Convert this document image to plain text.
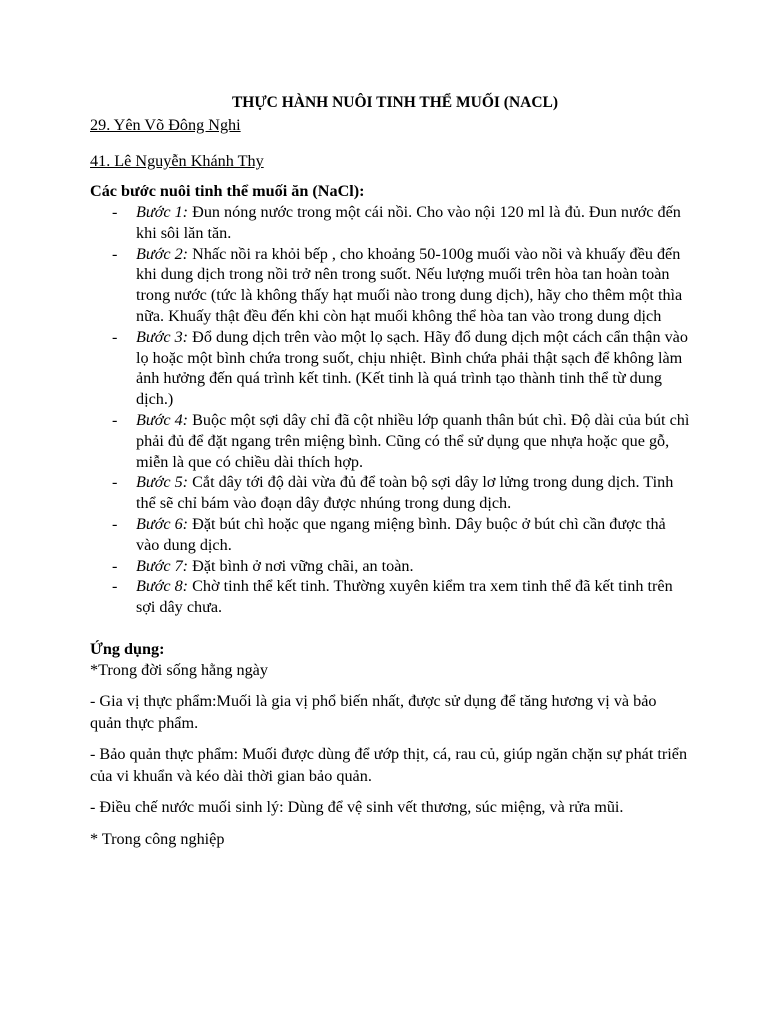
THỰC HÀNH NUÔI TINH THỂ MUỐI (NACL)

29. Yên Võ Đông Nghi

41. Lê Nguyễn Khánh Thy

Các bước nuôi tinh thể muối ăn (NaCl):

- Bước 1: Đun nóng nước trong một cái nồi. Cho vào nội 120 ml là đủ. Đun nước đến khi sôi lăn tăn.
- Bước 2: Nhấc nồi ra khỏi bếp , cho khoảng 50-100g muối vào nồi và khuấy đều đến khi dung dịch trong nồi trở nên trong suốt. Nếu lượng muối trên hòa tan hoàn toàn trong nước (tức là không thấy hạt muối nào trong dung dịch), hãy cho thêm một thìa nữa. Khuấy thật đều đến khi còn hạt muối không thể hòa tan vào trong dung dịch
- Bước 3: Đổ dung dịch trên vào một lọ sạch. Hãy đổ dung dịch một cách cẩn thận vào lọ hoặc một bình chứa trong suốt, chịu nhiệt. Bình chứa phải thật sạch để không làm ảnh hưởng đến quá trình kết tinh. (Kết tinh là quá trình tạo thành tinh thể từ dung dịch.)
- Bước 4: Buộc một sợi dây chỉ đã cột nhiều lớp quanh thân bút chì. Độ dài của bút chì phải đủ để đặt ngang trên miệng bình. Cũng có thể sử dụng que nhựa hoặc que gỗ, miễn là que có chiều dài thích hợp.
- Bước 5: Cắt dây tới độ dài vừa đủ để toàn bộ sợi dây lơ lửng trong dung dịch. Tinh thể sẽ chỉ bám vào đoạn dây được nhúng trong dung dịch.
- Bước 6: Đặt bút chì hoặc que ngang miệng bình. Dây buộc ở bút chì cần được thả vào dung dịch.
- Bước 7: Đặt bình ở nơi vững chãi, an toàn.
- Bước 8: Chờ tinh thể kết tinh. Thường xuyên kiểm tra xem tinh thể đã kết tinh trên sợi dây chưa.

Ứng dụng:

*Trong đời sống hằng ngày

- Gia vị thực phẩm:Muối là gia vị phổ biến nhất, được sử dụng để tăng hương vị và bảo quản thực phẩm.

- Bảo quản thực phẩm: Muối được dùng để ướp thịt, cá, rau củ, giúp ngăn chặn sự phát triển của vi khuẩn và kéo dài thời gian bảo quản.

- Điều chế nước muối sinh lý: Dùng để vệ sinh vết thương, súc miệng, và rửa mũi.

* Trong công nghiệp
